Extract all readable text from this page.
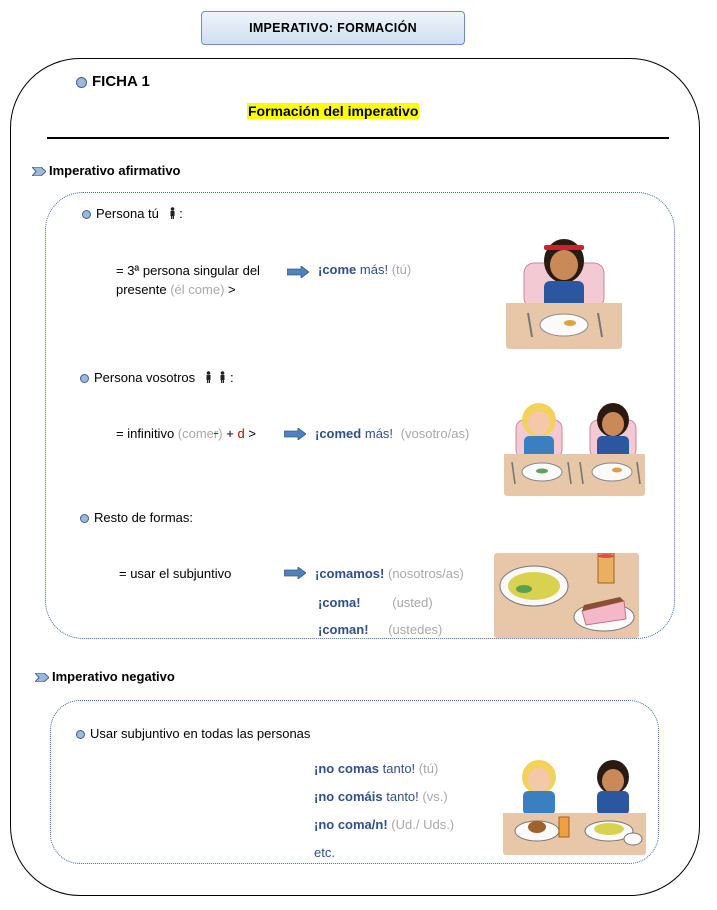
IMPERATIVO: FORMACIÓN
FICHA 1
Formación del imperativo
Imperativo afirmativo
Persona tú :
= 3ª persona singular del
presente (él come) >
¡come más! (tú)
Persona vosotros	:
= infinitivo (comer) + d >	¡comed más! (vosotro/as)
Resto de formas:
= usar el subjuntivo	¡comamos! (nosotros/as)
¡coma! (usted)
¡coman! (ustedes)
Imperativo negativo
Usar subjuntivo en todas las personas
¡no comas tanto! (tú)
¡no comáis tanto! (vs.)
¡no coma/n! (Ud./ Uds.)
etc.
